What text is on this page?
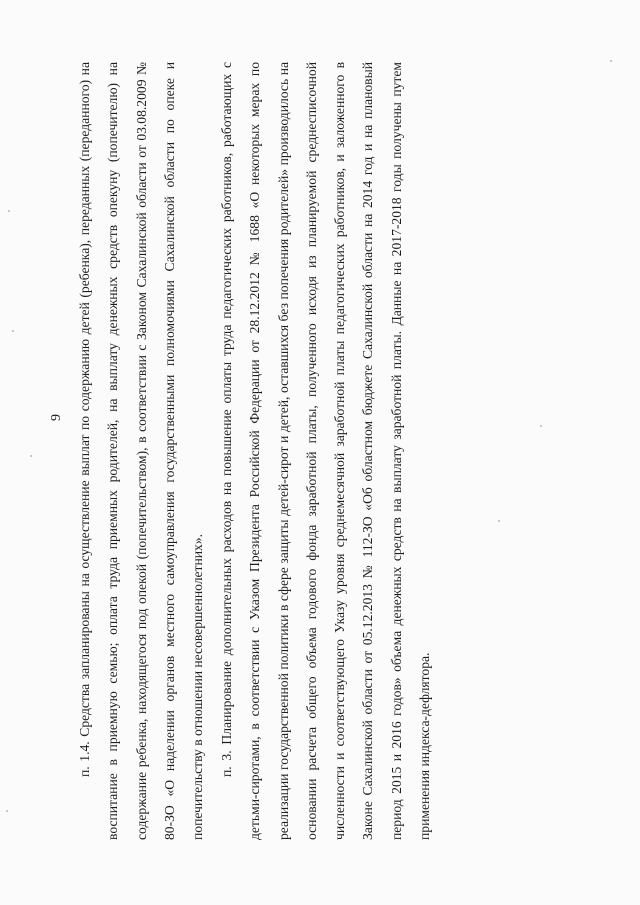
9 п. 1.4. Средства запланированы на осуществление выплат по содержанию детей (ребенка), переданных (переданного) на воспитание в приемную семью; оплата труда приемных родителей, на выплату денежных средств опекуну (попечителю) на содержание ребенка, находящегося под опекой (попечительством), в соответствии с Законом Сахалинской области от 03.08.2009 № 80-ЗО «О наделении органов местного самоуправления государственными полномочиями Сахалинской области по опеке и попечительству в отношении несовершеннолетних».	п. 3. Планирование дополнительных расходов на повышение оплаты труда педагогических работников, работающих с детьми-сиротами, в соответствии с Указом Президента Российской Федерации от 28.12.2012 № 1688 «О некоторых мерах по реализации государственной политики в сфере защиты детей-сирот и детей, оставшихся без попечения родителей» производилось на основании расчета общего объема годового фонда заработной платы, полученного исходя из планируемой среднесписочной численности и соответствующего Указу уровня среднемесячной заработной платы педагогических работников, и заложенного в Законе Сахалинской области от 05.12.2013 № 112-ЗО «Об областном бюджете Сахалинской области на 2014 год и на плановый период 2015 и 2016 годов» объема денежных средств на выплату заработной платы. Данные на 2017-2018 годы получены путем применения индекса-дефлятора.
